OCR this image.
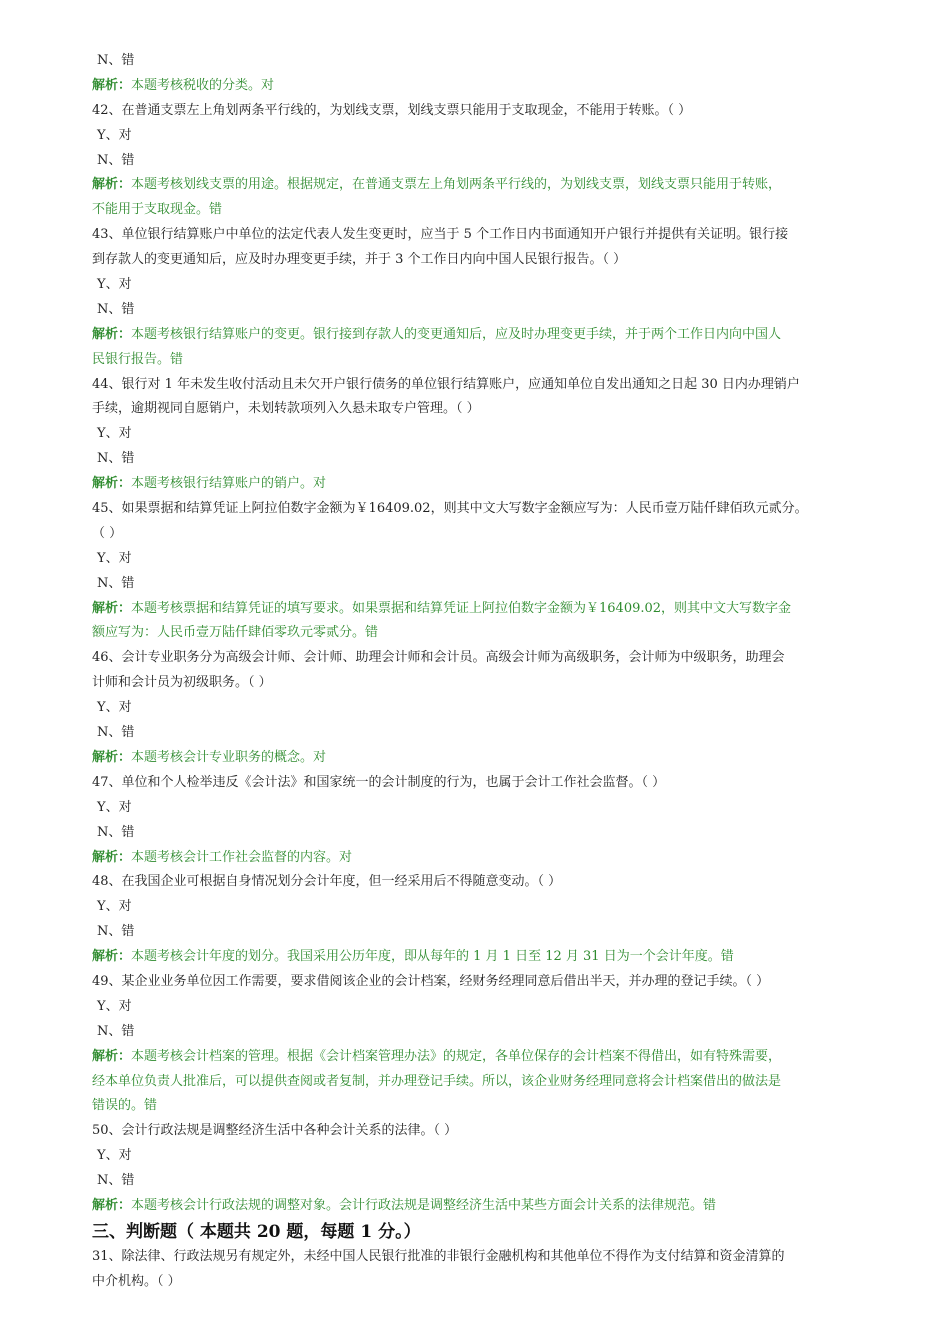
N、错
解析：本题考核税收的分类。对
42、在普通支票左上角划两条平行线的，为划线支票，划线支票只能用于支取现金，不能用于转账。（ ）
Y、对
N、错
解析：本题考核划线支票的用途。根据规定，在普通支票左上角划两条平行线的，为划线支票，划线支票只能用于转账，
不能用于支取现金。错
43、单位银行结算账户中单位的法定代表人发生变更时，应当于 5 个工作日内书面通知开户银行并提供有关证明。银行接
到存款人的变更通知后，应及时办理变更手续，并于 3 个工作日内向中国人民银行报告。（ ）
Y、对
N、错
解析：本题考核银行结算账户的变更。银行接到存款人的变更通知后，应及时办理变更手续，并于两个工作日内向中国人
民银行报告。错
44、银行对 1 年未发生收付活动且未欠开户银行债务的单位银行结算账户，应通知单位自发出通知之日起 30 日内办理销户
手续，逾期视同自愿销户，未划转款项列入久悬未取专户管理。（ ）
Y、对
N、错
解析：本题考核银行结算账户的销户。对
45、如果票据和结算凭证上阿拉伯数字金额为￥16409.02，则其中文大写数字金额应写为：人民币壹万陆仟肆佰玖元贰分。
（ ）
Y、对
N、错
解析：本题考核票据和结算凭证的填写要求。如果票据和结算凭证上阿拉伯数字金额为￥16409.02，则其中文大写数字金
额应写为：人民币壹万陆仟肆佰零玖元零贰分。错
46、会计专业职务分为高级会计师、会计师、助理会计师和会计员。高级会计师为高级职务，会计师为中级职务，助理会
计师和会计员为初级职务。（ ）
Y、对
N、错
解析：本题考核会计专业职务的概念。对
47、单位和个人检举违反《会计法》和国家统一的会计制度的行为，也属于会计工作社会监督。（ ）
Y、对
N、错
解析：本题考核会计工作社会监督的内容。对
48、在我国企业可根据自身情况划分会计年度，但一经采用后不得随意变动。（ ）
Y、对
N、错
解析：本题考核会计年度的划分。我国采用公历年度，即从每年的 1 月 1 日至 12 月 31 日为一个会计年度。错
49、某企业业务单位因工作需要，要求借阅该企业的会计档案，经财务经理同意后借出半天，并办理的登记手续。（ ）
Y、对
N、错
解析：本题考核会计档案的管理。根据《会计档案管理办法》的规定，各单位保存的会计档案不得借出，如有特殊需要，
经本单位负责人批准后，可以提供查阅或者复制，并办理登记手续。所以，该企业财务经理同意将会计档案借出的做法是
错误的。错
50、会计行政法规是调整经济生活中各种会计关系的法律。（ ）
Y、对
N、错
解析：本题考核会计行政法规的调整对象。会计行政法规是调整经济生活中某些方面会计关系的法律规范。错
三、判断题（ 本题共 20 题，每题 1 分。）
31、除法律、行政法规另有规定外，未经中国人民银行批准的非银行金融机构和其他单位不得作为支付结算和资金清算的
中介机构。（ ）
